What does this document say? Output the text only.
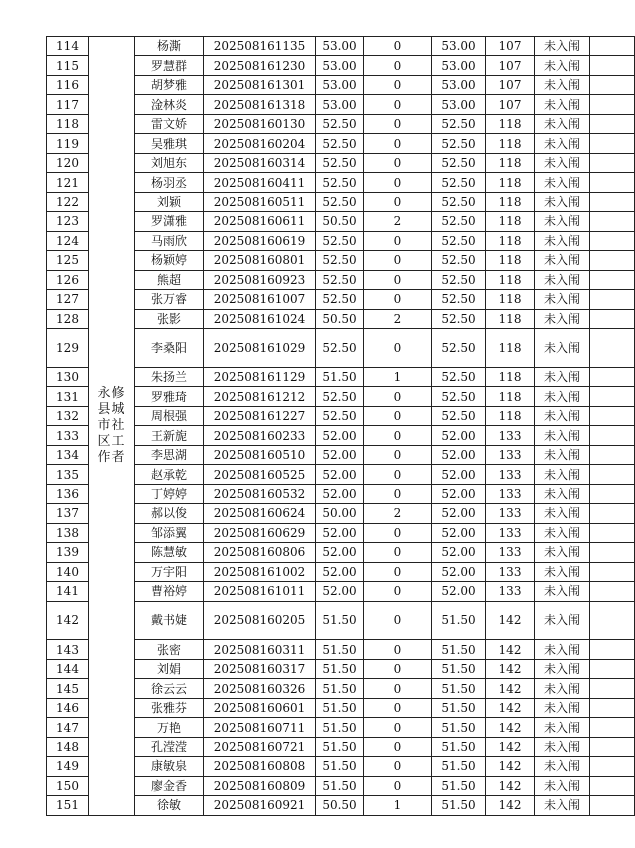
114	永修县城市社区工作者	杨澌	202508161135	53.00	0	53.00	107	未入闱	
115		罗慧群	202508161230	53.00	0	53.00	107	未入闱	
116		胡梦雅	202508161301	53.00	0	53.00	107	未入闱	
117		淦林炎	202508161318	53.00	0	53.00	107	未入闱	
118		雷文娇	202508160130	52.50	0	52.50	118	未入闱	
119		吴雅琪	202508160204	52.50	0	52.50	118	未入闱	
120		刘旭东	202508160314	52.50	0	52.50	118	未入闱	
121		杨羽丞	202508160411	52.50	0	52.50	118	未入闱	
122		刘颖	202508160511	52.50	0	52.50	118	未入闱	
123		罗潇雅	202508160611	50.50	2	52.50	118	未入闱	
124		马雨欣	202508160619	52.50	0	52.50	118	未入闱	
125		杨颖婷	202508160801	52.50	0	52.50	118	未入闱	
126		熊超	202508160923	52.50	0	52.50	118	未入闱	
127		张万睿	202508161007	52.50	0	52.50	118	未入闱	
128		张影	202508161024	50.50	2	52.50	118	未入闱	
129		李桑阳	202508161029	52.50	0	52.50	118	未入闱	
130		朱扬兰	202508161129	51.50	1	52.50	118	未入闱	
131		罗雅琦	202508161212	52.50	0	52.50	118	未入闱	
132		周根强	202508161227	52.50	0	52.50	118	未入闱	
133		王新旎	202508160233	52.00	0	52.00	133	未入闱	
134		李思湖	202508160510	52.00	0	52.00	133	未入闱	
135		赵承乾	202508160525	52.00	0	52.00	133	未入闱	
136		丁婷婷	202508160532	52.00	0	52.00	133	未入闱	
137		郝以俊	202508160624	50.00	2	52.00	133	未入闱	
138		邹添翼	202508160629	52.00	0	52.00	133	未入闱	
139		陈慧敏	202508160806	52.00	0	52.00	133	未入闱	
140		万宇阳	202508161002	52.00	0	52.00	133	未入闱	
141		曹裕婷	202508161011	52.00	0	52.00	133	未入闱	
142		戴书婕	202508160205	51.50	0	51.50	142	未入闱	
143		张密	202508160311	51.50	0	51.50	142	未入闱	
144		刘娟	202508160317	51.50	0	51.50	142	未入闱	
145		徐云云	202508160326	51.50	0	51.50	142	未入闱	
146		张雅芬	202508160601	51.50	0	51.50	142	未入闱	
147		万艳	202508160711	51.50	0	51.50	142	未入闱	
148		孔滢滢	202508160721	51.50	0	51.50	142	未入闱	
149		康敏泉	202508160808	51.50	0	51.50	142	未入闱	
150		廖金香	202508160809	51.50	0	51.50	142	未入闱	
151		徐敏	202508160921	50.50	1	51.50	142	未入闱	
